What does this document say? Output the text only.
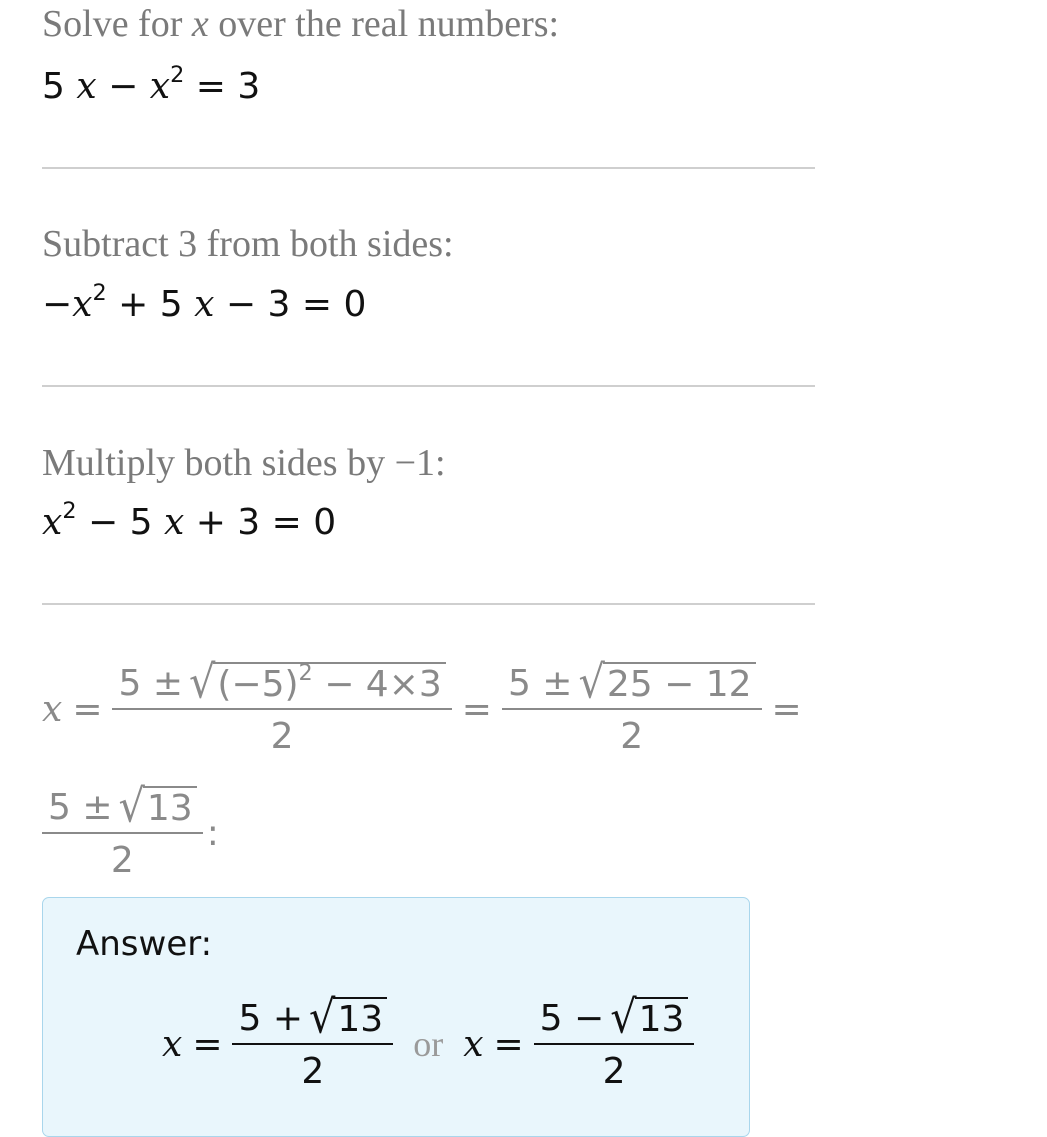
Solve for x over the real numbers:
5 $x - x^2 = 3$
Subtract 3 from both sides:
$-x^2 + 5$ x − 3 = 0
Multiply both sides by −1:
$x^2 - 5$ x + 3 = 0
$x = \frac{5 \pm √ (-5)^2 - 4\times 3}{2} = \frac{5 \pm √ 25 - 12}{2}$ =
$\frac{5 \pm √ 13}{2}$ :
Answer:
$x = \frac{5 + √ 13}{2}$ or $x = \frac{5 - √ 13}{2}$
